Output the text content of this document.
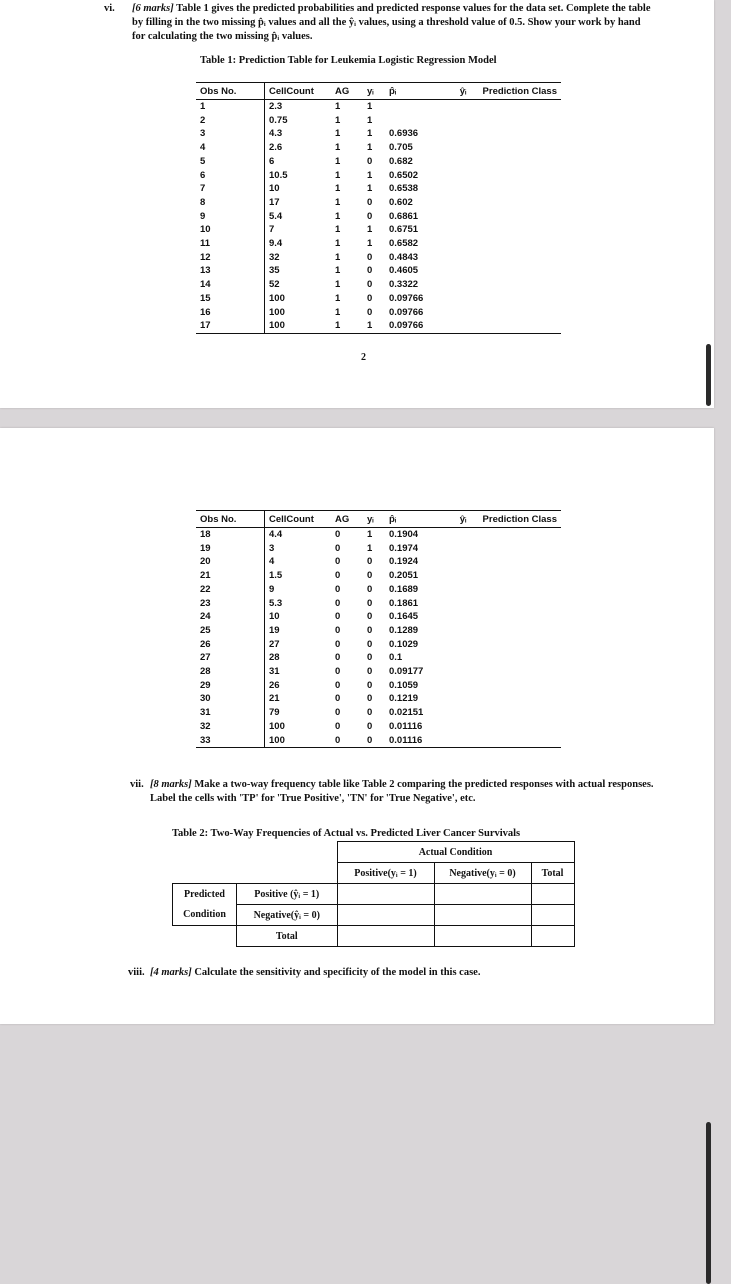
vi. [6 marks] Table 1 gives the predicted probabilities and predicted response values for the data set. Complete the table by filling in the two missing p̂ᵢ values and all the ŷᵢ values, using a threshold value of 0.5. Show your work by hand for calculating the two missing p̂ᵢ values.
Table 1: Prediction Table for Leukemia Logistic Regression Model
Obs No.	CellCount	AG	yᵢ	p̂ᵢ	ŷᵢ	Prediction Class
1	2.3	1	1			
2	0.75	1	1			
3	4.3	1	1	0.6936		
4	2.6	1	1	0.705		
5	6	1	0	0.682		
6	10.5	1	1	0.6502		
7	10	1	1	0.6538		
8	17	1	0	0.602		
9	5.4	1	0	0.6861		
10	7	1	1	0.6751		
11	9.4	1	1	0.6582		
12	32	1	0	0.4843		
13	35	1	0	0.4605		
14	52	1	0	0.3322		
15	100	1	0	0.09766		
16	100	1	0	0.09766		
17	100	1	1	0.09766		
2
Obs No.	CellCount	AG	yᵢ	p̂ᵢ	ŷᵢ	Prediction Class
18	4.4	0	1	0.1904		
19	3	0	1	0.1974		
20	4	0	0	0.1924		
21	1.5	0	0	0.2051		
22	9	0	0	0.1689		
23	5.3	0	0	0.1861		
24	10	0	0	0.1645		
25	19	0	0	0.1289		
26	27	0	0	0.1029		
27	28	0	0	0.1		
28	31	0	0	0.09177		
29	26	0	0	0.1059		
30	21	0	0	0.1219		
31	79	0	0	0.02151		
32	100	0	0	0.01116		
33	100	0	0	0.01116		
vii. [8 marks] Make a two-way frequency table like Table 2 comparing the predicted responses with actual responses. Label the cells with 'TP' for 'True Positive', 'TN' for 'True Negative', etc.
Table 2: Two-Way Frequencies of Actual vs. Predicted Liver Cancer Survivals
		Actual Condition		
		Positive(yᵢ = 1)	Negative(yᵢ = 0)	Total
Predicted	Positive (ŷᵢ = 1)			
Condition	Negative(ŷᵢ = 0)			
	Total			
viii. [4 marks] Calculate the sensitivity and specificity of the model in this case.
